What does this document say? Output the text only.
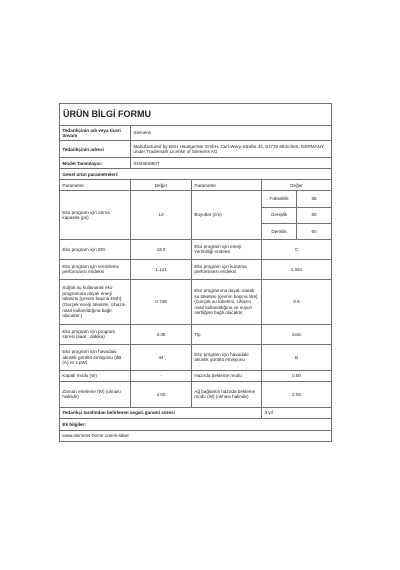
ÜRÜN BİLGİ FORMU				
Tedarikçinin adı veya ticari ünvanı	Siemens			
Tedarikçinin adresi	Manufactured by BSH Hausgeräte GmbH, Carl-Wery-Straße 34, 81739 München, GERMANY under Trademark License of Siemens AG			
Model Tanımlayıcı	SN25E8I60T			
Genel ürün parametreleri:				
Parametre	Değer	Parametre	Değer	
Eko program için anma kapasite (ps)	13	Boyutlar (cm)	Yükseklik	85
			Genişlik	60
			Derinlik	60
Eko program için EEI	43.9	Eko program için enerji verimliliği endeksi	C	
Eko program için temizleme performansı endeksi	1.121	Eko program için kurutma performansı endeksi	1.061	
Soğuk su kullanarak eko programına dayalı enerji tüketimi [çevrim başına kWh] (Gerçek enerji tüketimi, cihazın nasıl kullanıldığına bağlı olacaktır.)	0.736	Eko programına dayalı olarak su tüketimi [çevrim başına litre] (Gerçek su tüketimi, cihazın nasıl kullanıldığına ve suyun sertliğine bağlı olacaktır.	9.5	
Eko program için program süresi (saat : dakika)	4:35	Tip	Solo	
Eko program için havadaki akustik gürültü emisyonu (dB (A) re 1 pW)	44	Eko program için havadaki akustik gürültü emisyonu	B	
Kapalı modu (W)	-	Hazırda bekleme modu	0.50	
Zaman erteleme (W) (olması halinde)	4.00	Ağ bağlantılı hazırda bekleme modu (W) (olması halinde)	2.00	
Tedarikçi tarafından belirlenen asgari garanti süresi			3 yıl	
Ek bilgiler:				
www.siemens-home.com/e-label				
